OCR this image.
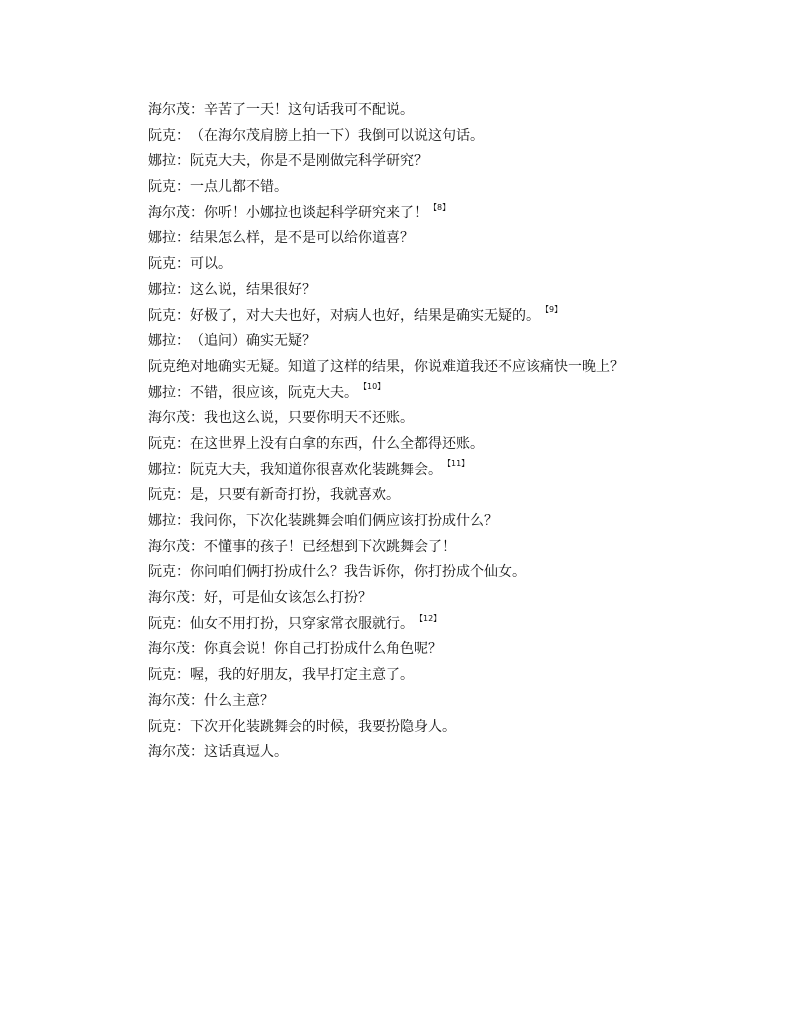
海尔茂 ： 辛苦了一天！这句话我可不配说。
阮克 ： （在海尔茂肩膀上拍一下）我倒可以说这句话。
娜拉 ： 阮克大夫，你是不是刚做完科学研究？
阮克 ： 一点儿都不错。
海尔茂 ： 你听！小娜拉也谈起科学研究来了！ 【8】
娜拉 ： 结果怎么样，是不是可以给你道喜？
阮克 ： 可以。
娜拉 ： 这么说，结果很好？
阮克 ： 好极了，对大夫也好，对病人也好，结果是确实无疑的。 【9】
娜拉 ： （追问）确实无疑？
阮克 绝对地确实无疑。知道了这样的结果，你说难道我还不应该痛快一晚上？
娜拉 ： 不错，很应该，阮克大夫。 【10】
海尔茂 ： 我也这么说，只要你明天不还账。
阮克 ： 在这世界上没有白拿的东西，什么全都得还账。
娜拉 ： 阮克大夫，我知道你很喜欢化装跳舞会。 【11】
阮克 ： 是，只要有新奇打扮，我就喜欢。
娜拉 ： 我问你，下次化装跳舞会咱们俩应该打扮成什么？
海尔茂 ： 不懂事的孩子！已经想到下次跳舞会了！
阮克 ： 你问咱们俩打扮成什么？我告诉你，你打扮成个仙女。
海尔茂 ： 好，可是仙女该怎么打扮？
阮克 ： 仙女不用打扮，只穿家常衣服就行。 【12】
海尔茂 ： 你真会说！你自己打扮成什么角色呢？
阮克 ： 喔，我的好朋友，我早打定主意了。
海尔茂 ： 什么主意？
阮克 ： 下次开化装跳舞会的时候，我要扮隐身人。
海尔茂 ： 这话真逗人。
